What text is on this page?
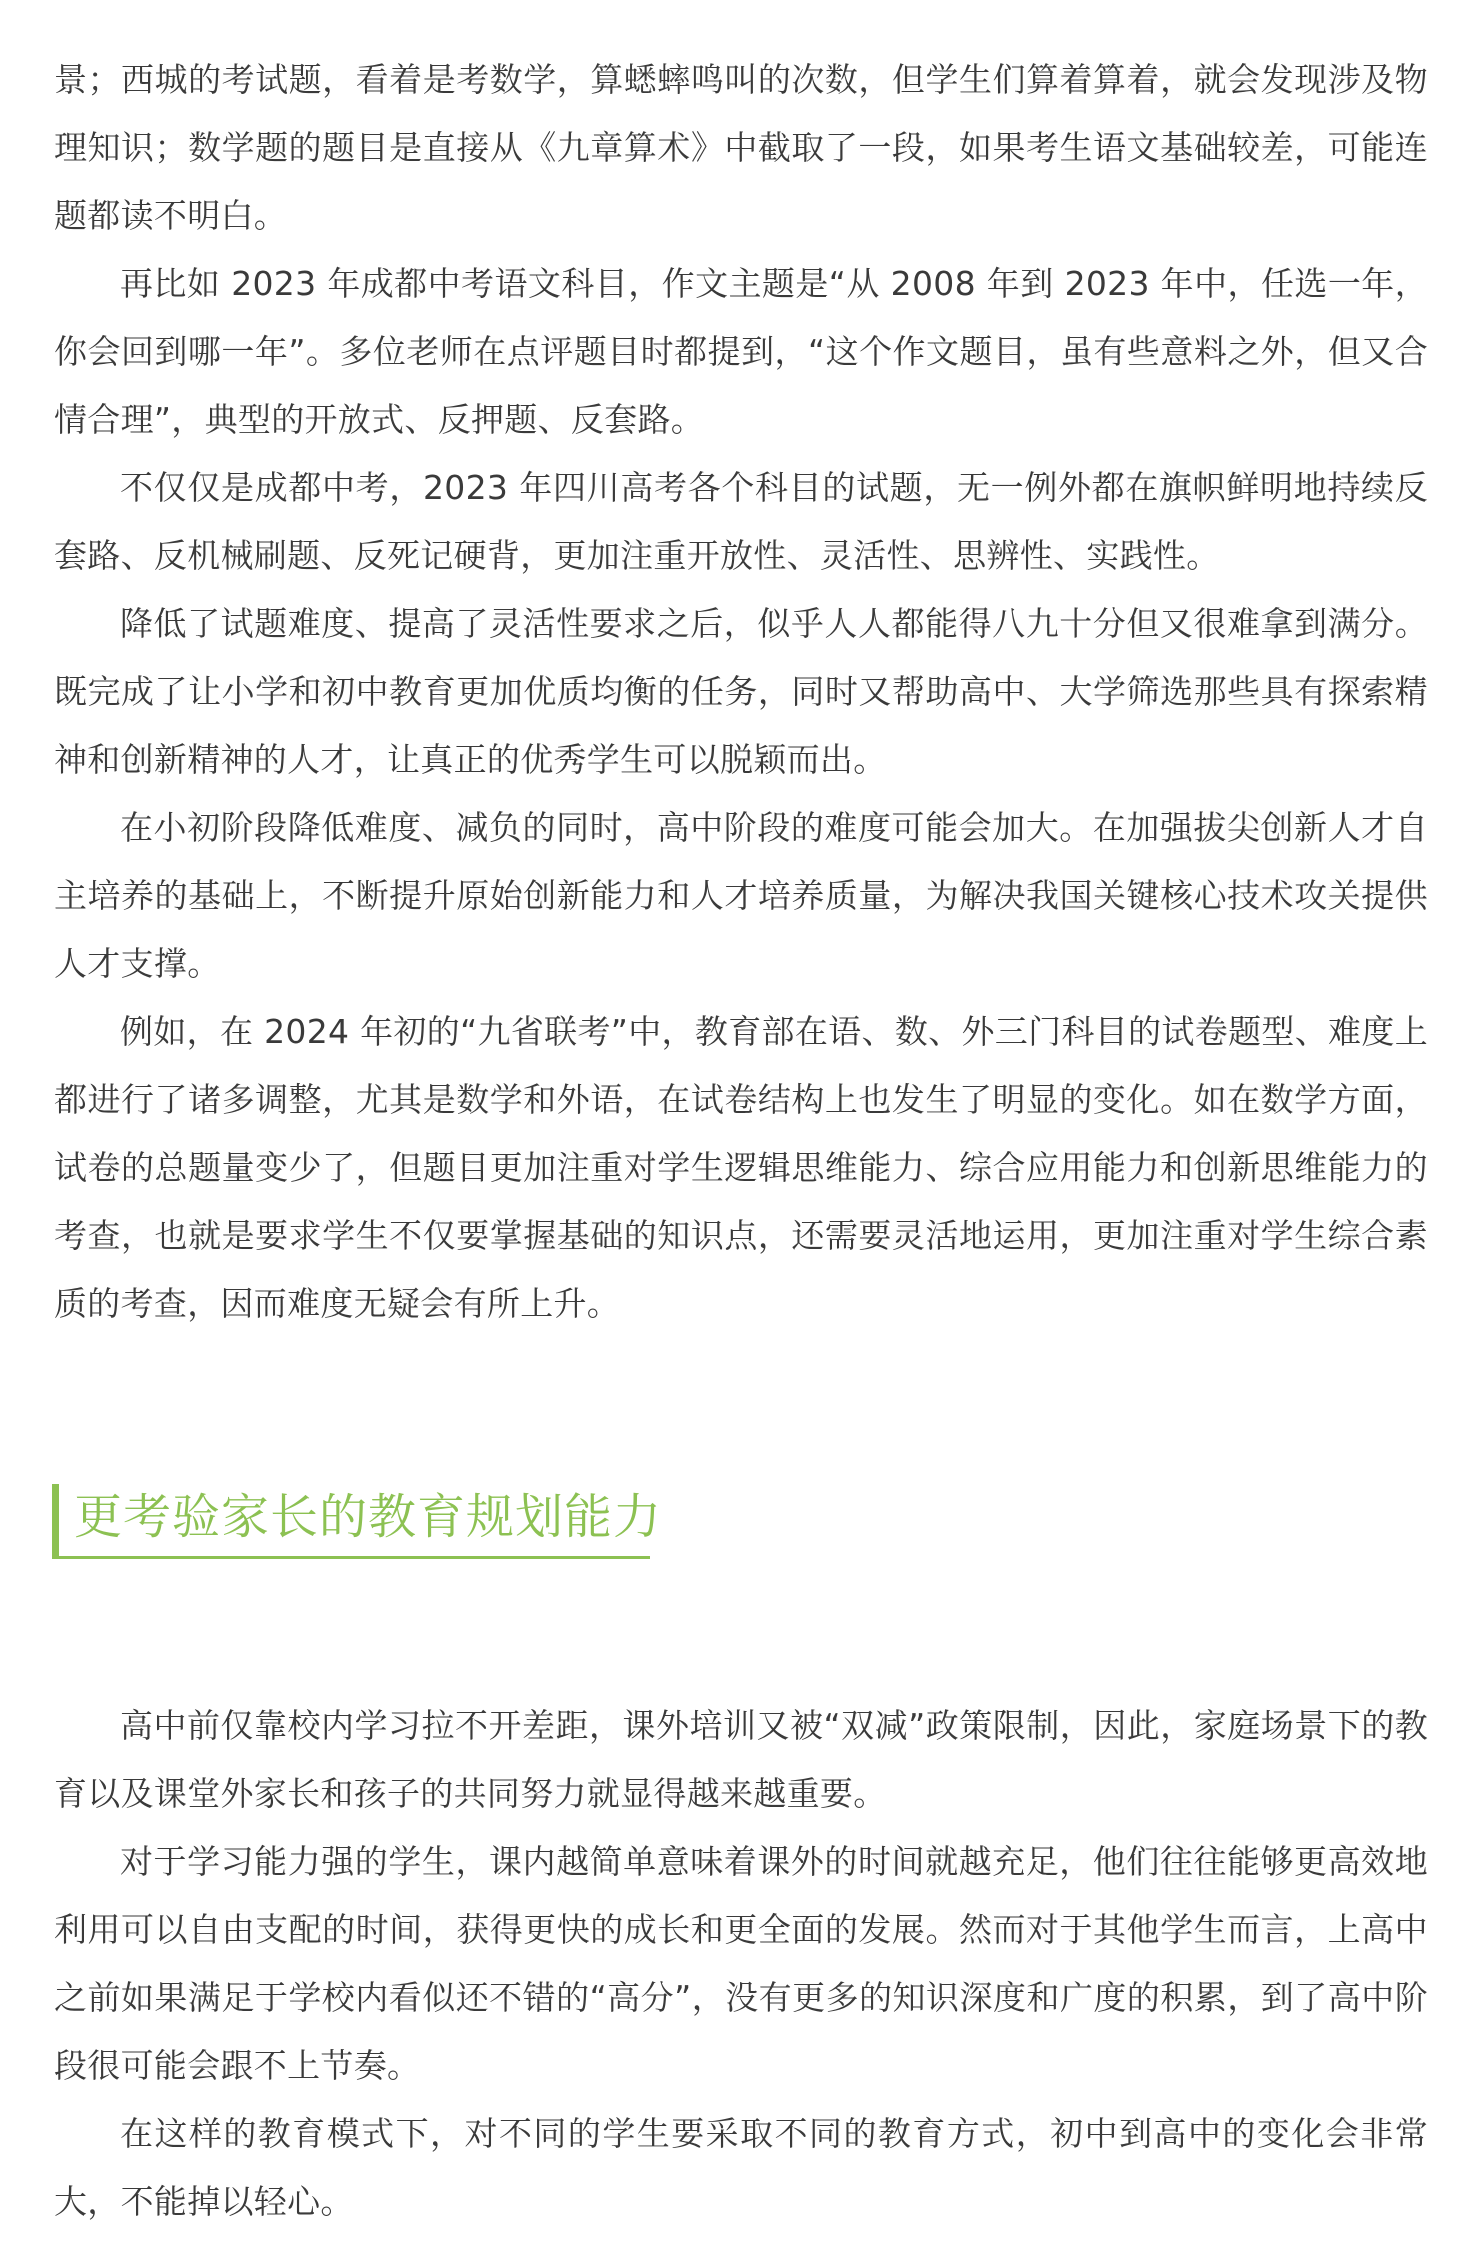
景；西城的考试题，看着是考数学，算蟋蟀鸣叫的次数，但学生们算着算着，就会发现涉及物理知识；数学题的题目是直接从《九章算术》中截取了一段，如果考生语文基础较差，可能连题都读不明白。

再比如 2023 年成都中考语文科目，作文主题是“从 2008 年到 2023 年中，任选一年，你会回到哪一年”。多位老师在点评题目时都提到，“这个作文题目，虽有些意料之外，但又合情合理”，典型的开放式、反押题、反套路。

不仅仅是成都中考，2023 年四川高考各个科目的试题，无一例外都在旗帜鲜明地持续反套路、反机械刷题、反死记硬背，更加注重开放性、灵活性、思辨性、实践性。

降低了试题难度、提高了灵活性要求之后，似乎人人都能得八九十分但又很难拿到满分。既完成了让小学和初中教育更加优质均衡的任务，同时又帮助高中、大学筛选那些具有探索精神和创新精神的人才，让真正的优秀学生可以脱颖而出。

在小初阶段降低难度、减负的同时，高中阶段的难度可能会加大。在加强拔尖创新人才自主培养的基础上，不断提升原始创新能力和人才培养质量，为解决我国关键核心技术攻关提供人才支撑。

例如，在 2024 年初的“九省联考”中，教育部在语、数、外三门科目的试卷题型、难度上都进行了诸多调整，尤其是数学和外语，在试卷结构上也发生了明显的变化。如在数学方面，试卷的总题量变少了，但题目更加注重对学生逻辑思维能力、综合应用能力和创新思维能力的考查，也就是要求学生不仅要掌握基础的知识点，还需要灵活地运用，更加注重对学生综合素质的考查，因而难度无疑会有所上升。

更考验家长的教育规划能力

高中前仅靠校内学习拉不开差距，课外培训又被“双减”政策限制，因此，家庭场景下的教育以及课堂外家长和孩子的共同努力就显得越来越重要。

对于学习能力强的学生，课内越简单意味着课外的时间就越充足，他们往往能够更高效地利用可以自由支配的时间，获得更快的成长和更全面的发展。然而对于其他学生而言，上高中之前如果满足于学校内看似还不错的“高分”，没有更多的知识深度和广度的积累，到了高中阶段很可能会跟不上节奏。

在这样的教育模式下，对不同的学生要采取不同的教育方式，初中到高中的变化会非常大，不能掉以轻心。
